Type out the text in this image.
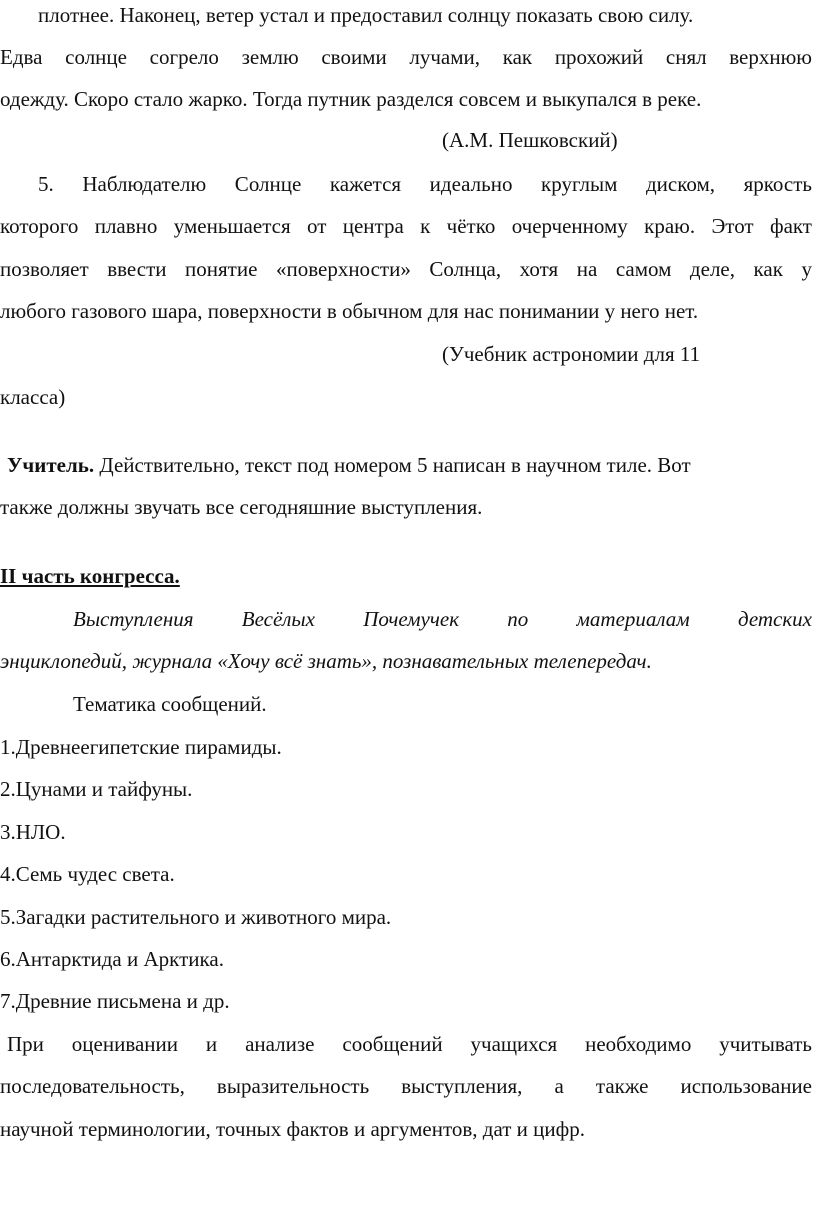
плотнее. Наконец, ветер устал и предоставил солнцу показать свою силу.
Едва солнце согрело землю своими лучами, как прохожий снял верхнюю
одежду. Скоро стало жарко. Тогда путник разделся совсем и выкупался в реке.
(А.М. Пешковский)
5. Наблюдателю Солнце кажется идеально круглым диском, яркость
которого плавно уменьшается от центра к чётко очерченному краю. Этот факт
позволяет ввести понятие «поверхности» Солнца, хотя на самом деле, как у
любого газового шара, поверхности в обычном для нас понимании у него нет.
(Учебник астрономии для 11
класса)
Учитель. Действительно, текст под номером 5 написан в научном тиле. Вот
также должны звучать все сегодняшние выступления.
II часть конгресса.
Выступления Весёлых Почемучек по материалам детских
энциклопедий, журнала «Хочу всё знать», познавательных телепередач.
Тематика сообщений.
1.Древнеегипетские пирамиды.
2.Цунами и тайфуны.
3.НЛО.
4.Семь чудес света.
5.Загадки растительного и животного мира.
6.Антарктида и Арктика.
7.Древние письмена и др.
При оценивании и анализе сообщений учащихся необходимо учитывать
последовательность, выразительность выступления, а также использование
научной терминологии, точных фактов и аргументов, дат и цифр.
